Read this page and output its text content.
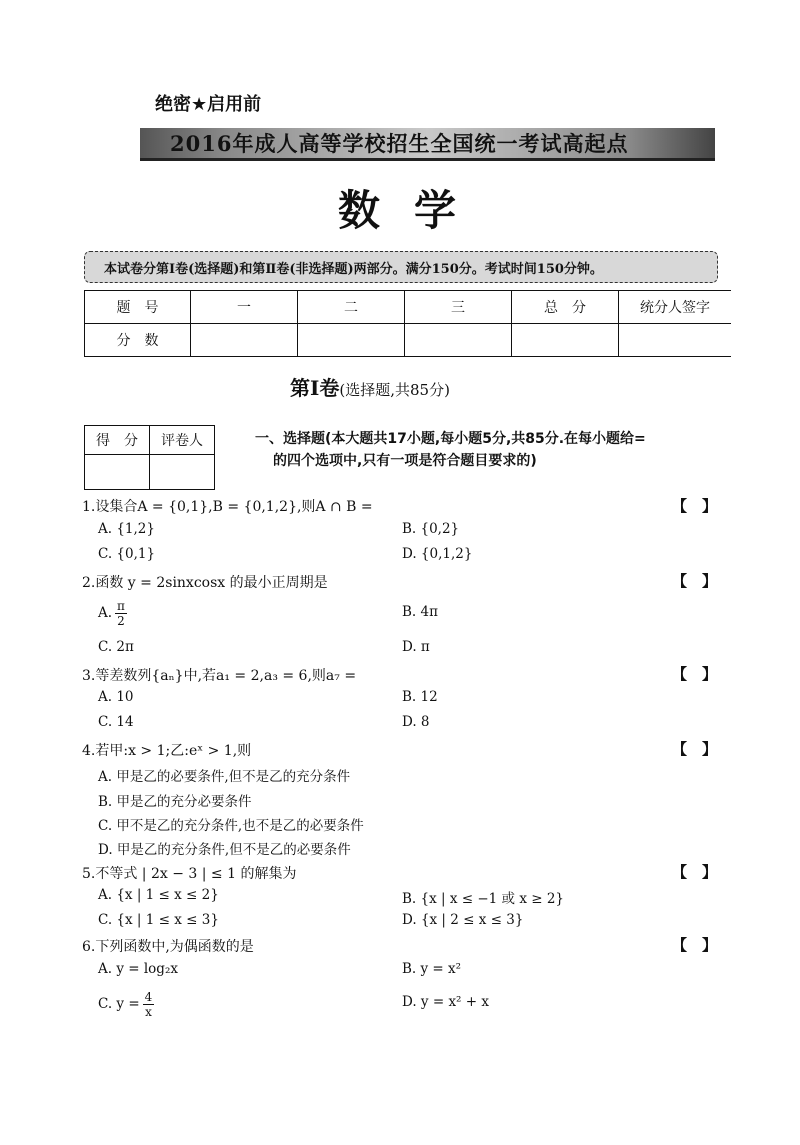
绝密★启用前
2016年成人高等学校招生全国统一考试高起点
数学
本试卷分第Ⅰ卷(选择题)和第Ⅱ卷(非选择题)两部分。满分150分。考试时间150分钟。
题　号	一	二	三	总　分	统分人签字
分　数					
第Ⅰ卷(选择题,共85分)
得　分	评卷人
		一、选择题(本大题共17小题,每小题5分,共85分.在每小题给=
的四个选项中,只有一项是符合题目要求的)
1.设集合A = {0,1},B = {0,1,2},则A ∩ B =	【　】
A. {1,2}	B. {0,2}
C. {0,1}	D. {0,1,2}
2.函数 y = 2sinxcosx 的最小正周期是	【　】
A. $\frac{\pi}{2}$	B. 4π
C. 2π	D. π
3.等差数列{aₙ}中,若a₁ = 2,a₃ = 6,则a₇ =	【　】
A. 10	B. 12
C. 14	D. 8
4.若甲:x > 1;乙:eˣ > 1,则	【　】
A. 甲是乙的必要条件,但不是乙的充分条件
B. 甲是乙的充分必要条件
C. 甲不是乙的充分条件,也不是乙的必要条件
D. 甲是乙的充分条件,但不是乙的必要条件
5.不等式 | 2x − 3 | ≤ 1 的解集为	【　】
A. {x | 1 ≤ x ≤ 2}	B. {x | x ≤ −1 或 x ≥ 2}
C. {x | 1 ≤ x ≤ 3}	D. {x | 2 ≤ x ≤ 3}
6.下列函数中,为偶函数的是	【　】
A. y = log₂x	B. y = x²
C. $y = \frac{4}{x}$	D. y = x² + x
